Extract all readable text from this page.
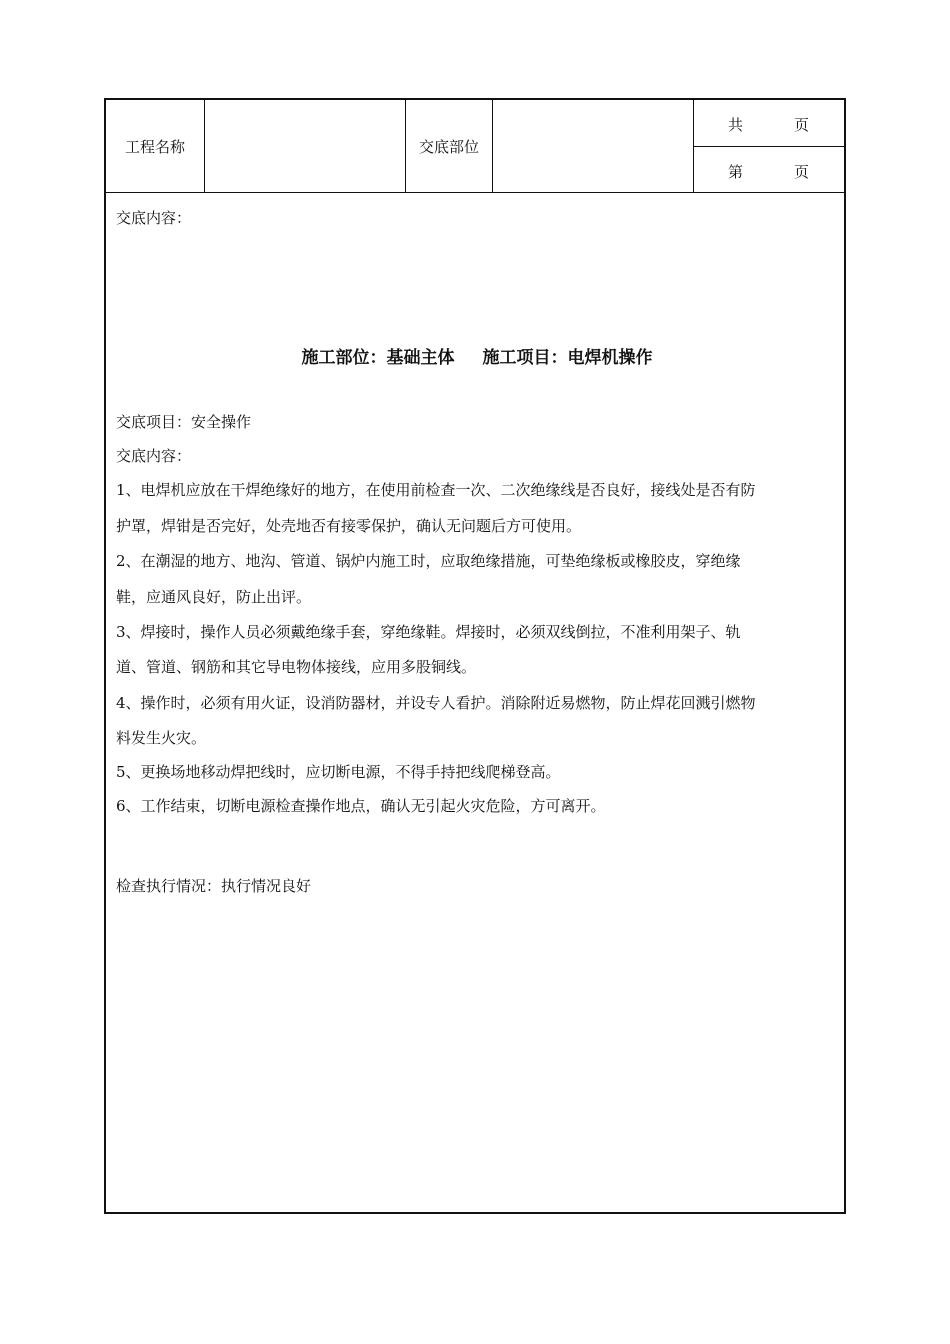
工程名称	交底部位
共	页
第	页
交底内容：
施工部位：基础主体 施工项目：电焊机操作
交底项目：安全操作
交底内容：
1、电焊机应放在干焊绝缘好的地方，在使用前检查一次、二次绝缘线是否良好，接线处是否有防
护罩，焊钳是否完好，处壳地否有接零保护，确认无问题后方可使用。
2、在潮湿的地方、地沟、管道、锅炉内施工时，应取绝缘措施，可垫绝缘板或橡胶皮，穿绝缘
鞋，应通风良好，防止出评。
3、焊接时，操作人员必须戴绝缘手套，穿绝缘鞋。焊接时，必须双线倒拉，不准利用架子、轨
道、管道、钢筋和其它导电物体接线，应用多股铜线。
4、操作时，必须有用火证，设消防器材，并设专人看护。消除附近易燃物，防止焊花回溅引燃物
料发生火灾。
5、更换场地移动焊把线时，应切断电源，不得手持把线爬梯登高。
6、工作结束，切断电源检查操作地点，确认无引起火灾危险，方可离开。
检查执行情况：执行情况良好
